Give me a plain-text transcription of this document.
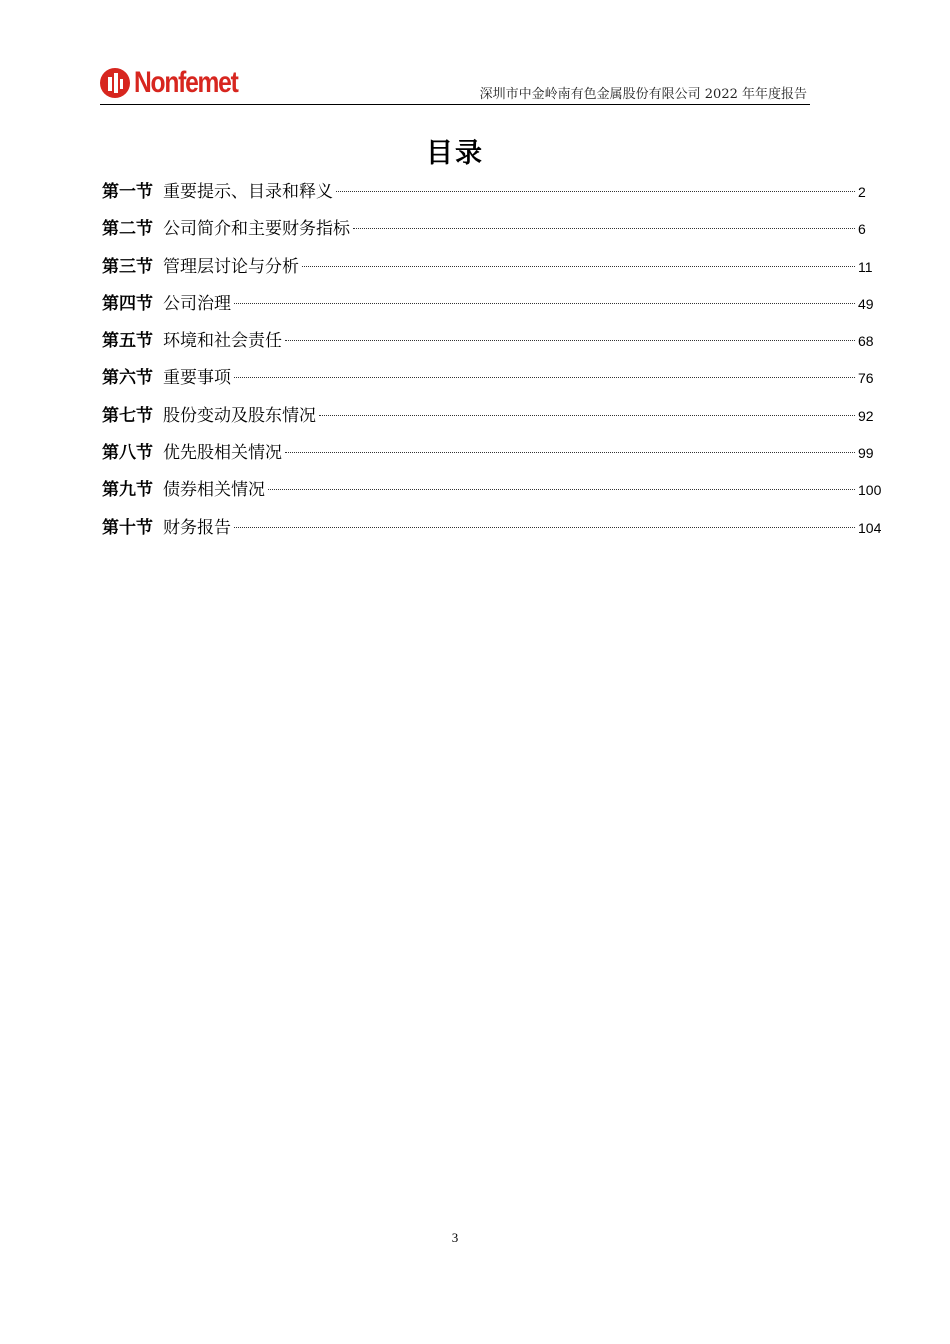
Nonfemet	深圳市中金岭南有色金属股份有限公司 2022 年年度报告
目录
第一节 重要提示、目录和释义	2
第二节 公司简介和主要财务指标	6
第三节 管理层讨论与分析	11
第四节 公司治理	49
第五节 环境和社会责任	68
第六节 重要事项	76
第七节 股份变动及股东情况	92
第八节 优先股相关情况	99
第九节 债券相关情况	100
第十节 财务报告	104
3
